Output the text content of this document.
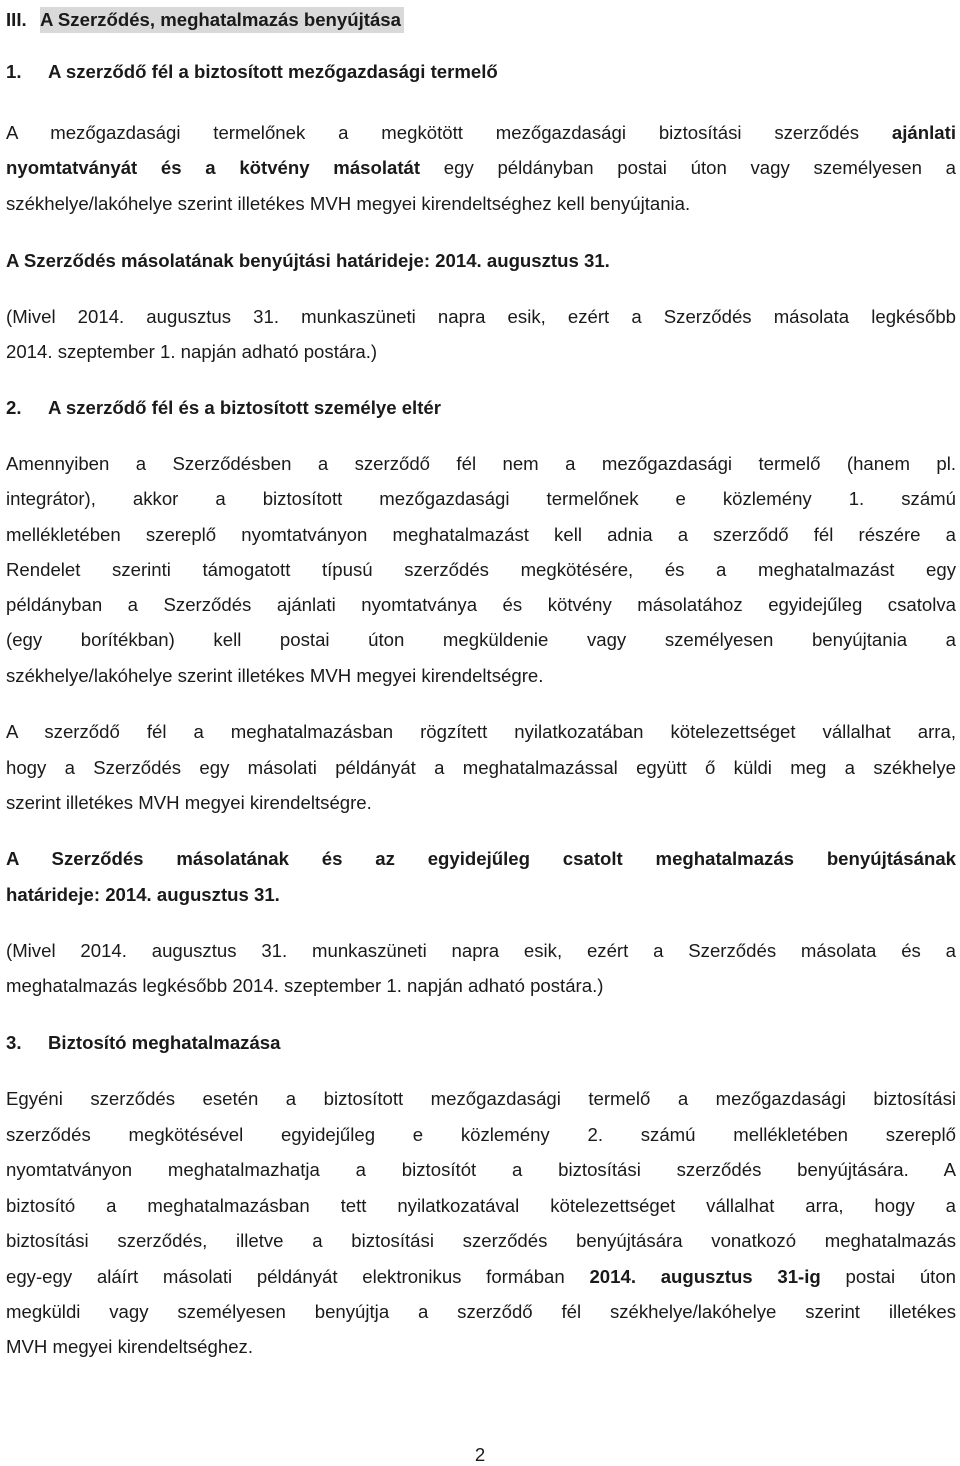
III. A Szerződés, meghatalmazás benyújtása
1. A szerződő fél a biztosított mezőgazdasági termelő
A mezőgazdasági termelőnek a megkötött mezőgazdasági biztosítási szerződés ajánlati
nyomtatványát és a kötvény másolatát egy példányban postai úton vagy személyesen a
székhelye/lakóhelye szerint illetékes MVH megyei kirendeltséghez kell benyújtania.
A Szerződés másolatának benyújtási határideje: 2014. augusztus 31.
(Mivel 2014. augusztus 31. munkaszüneti napra esik, ezért a Szerződés másolata legkésőbb
2014. szeptember 1. napján adható postára.)
2. A szerződő fél és a biztosított személye eltér
Amennyiben a Szerződésben a szerződő fél nem a mezőgazdasági termelő (hanem pl.
integrátor), akkor a biztosított mezőgazdasági termelőnek e közlemény 1. számú
mellékletében szereplő nyomtatványon meghatalmazást kell adnia a szerződő fél részére a
Rendelet szerinti támogatott típusú szerződés megkötésére, és a meghatalmazást egy
példányban a Szerződés ajánlati nyomtatványa és kötvény másolatához egyidejűleg csatolva
(egy borítékban) kell postai úton megküldenie vagy személyesen benyújtania a
székhelye/lakóhelye szerint illetékes MVH megyei kirendeltségre.
A szerződő fél a meghatalmazásban rögzített nyilatkozatában kötelezettséget vállalhat arra,
hogy a Szerződés egy másolati példányát a meghatalmazással együtt ő küldi meg a székhelye
szerint illetékes MVH megyei kirendeltségre.
A Szerződés másolatának és az egyidejűleg csatolt meghatalmazás benyújtásának
határideje: 2014. augusztus 31.
(Mivel 2014. augusztus 31. munkaszüneti napra esik, ezért a Szerződés másolata és a
meghatalmazás legkésőbb 2014. szeptember 1. napján adható postára.)
3. Biztosító meghatalmazása
Egyéni szerződés esetén a biztosított mezőgazdasági termelő a mezőgazdasági biztosítási
szerződés megkötésével egyidejűleg e közlemény 2. számú mellékletében szereplő
nyomtatványon meghatalmazhatja a biztosítót a biztosítási szerződés benyújtására. A
biztosító a meghatalmazásban tett nyilatkozatával kötelezettséget vállalhat arra, hogy a
biztosítási szerződés, illetve a biztosítási szerződés benyújtására vonatkozó meghatalmazás
egy-egy aláírt másolati példányát elektronikus formában 2014. augusztus 31-ig postai úton
megküldi vagy személyesen benyújtja a szerződő fél székhelye/lakóhelye szerint illetékes
MVH megyei kirendeltséghez.
2
